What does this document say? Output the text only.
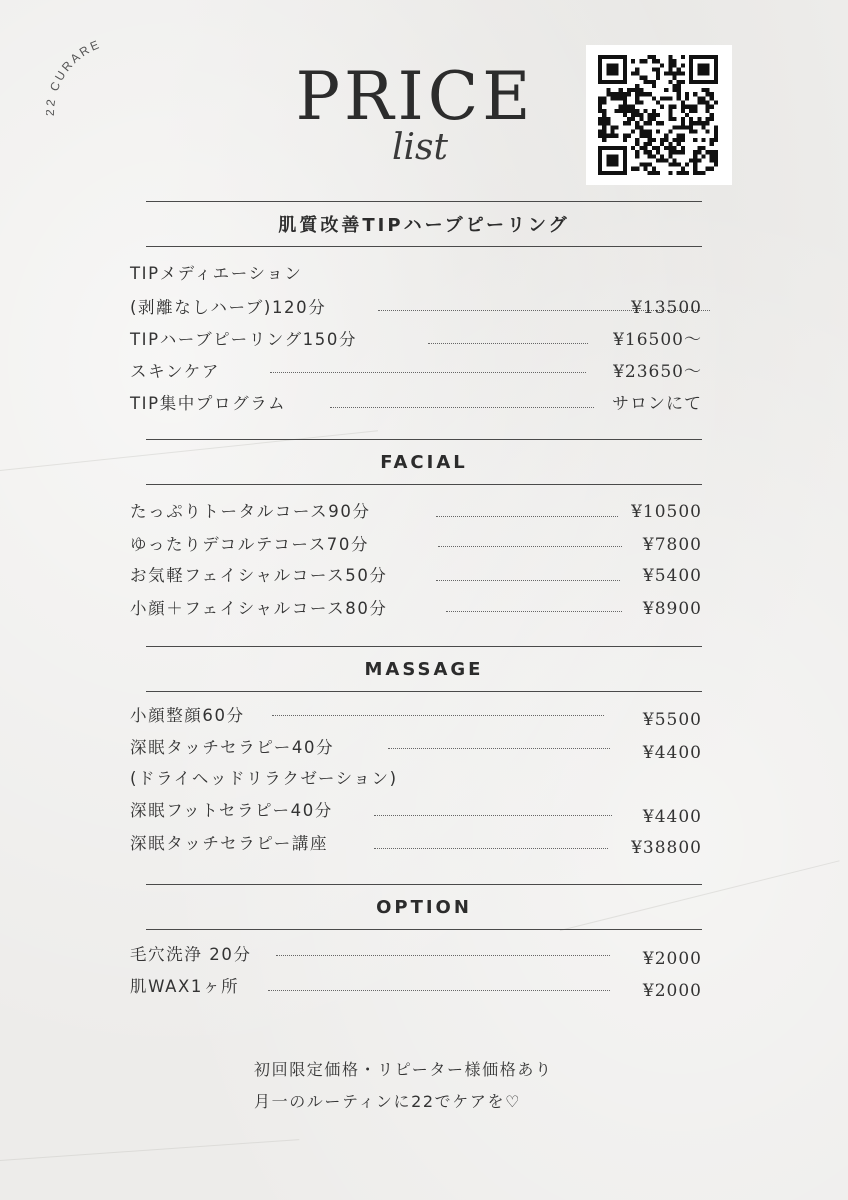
CURARE
PRICE
list
肌質改善TIPハーブピーリング
TIPメディエーション
(剥離なしハーブ)120分	¥13500
TIPハーブピーリング150分	¥16500〜
スキンケア	¥23650〜
TIP集中プログラム	サロンにて
FACIAL
たっぷりトータルコース90分	¥10500
ゆったりデコルテコース70分	¥7800
お気軽フェイシャルコース50分	¥5400
小顔＋フェイシャルコース80分	¥8900
MASSAGE
小顔整顔60分	¥5500
深眠タッチセラピー40分	¥4400
(ドライヘッドリラクゼーション)
深眠フットセラピー40分	¥4400
深眠タッチセラピー講座	¥38800
OPTION
毛穴洗浄 20分	¥2000
肌WAX1ヶ所	¥2000
初回限定価格・リピーター様価格あり
月一のルーティンに22でケアを♡
